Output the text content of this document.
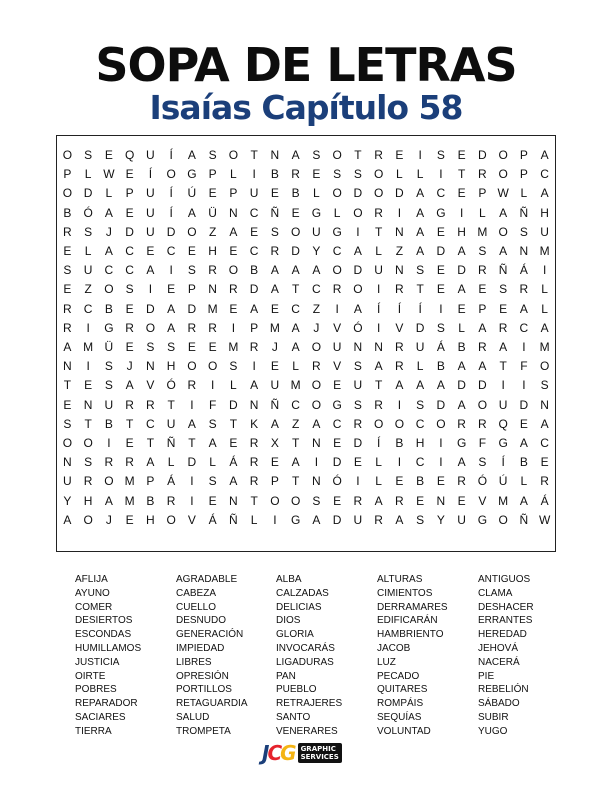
SOPA DE LETRAS
Isaías Capítulo 58
O	S	E	Q U	Í	A	S	O	T	N	A	S	O	T	R	E	I	S	E	D O	P	A
P	L W E	Í	O G	P	L	I	B	R	E	S	S	O	L	L	I	T	R O	P	C
O D	L	P	U	Í	Ú	E	P	U	E	B	L	O D O D	A	C	E	P W L	A
B	Ó	A	E	U	Í	A	Ü	N	C	Ñ	E	G	L	O R	I	A	G	I	L	A	Ñ	H
R	S	J	D	U	D O	Z	A	E	S	O U G	I	T	N	A	E	H M O	S	U
E	L	A	C	E	C	E	H	E	C	R	D	Y	C	A	L	Z	A	D	A	S	A	N M
S	U	C	C	A	I	S	R O	B	A	A	A	O D	U	N	S	E	D	R	Ñ	Á	I
E	Z	O	S	I	E	P	N	R	D	A	T	C	R O	I	R	T	E	A	E	S	R	L
R	C	B	E	D	A	D M E	A	E	C	Z	I	A	Í	Í	Í	I	E	P	E	A	L
R	I	G R O	A	R	R	I	P M A	J	V	Ó	I	V	D	S	L	A	R	C	A
A M Ü	E	S	S	E	E M R	J	A	O U	N	N	R	U	Á	B	R	A	I	M
N	I	S	J	N	H O O	S	I	E	L	R	V	S	A	R	L	B	A	A	T	F	O
T	E	S	A	V	Ó R	I	L	A	U M O	E	U	T	A	A	A	D	D	I	I	S
E	N	U	R	R	T	I	F	D	N	Ñ	C O G	S	R	I	S	D	A	O U	D	N
S	T	B	T	C	U	A	S	T	K	A	Z	A	C	R O O C O R	R Q	E	A
O O	I	E	T	Ñ	T	A	E	R	X	T	N	E	D	Í	B	H	I	G	F	G	A	C
N	S	R	R	A	L	D	L	Á	R	E	A	I	D	E	L	I	C	I	A	S	Í	B	E
U	R O M P	Á	I	S	A	R	P	T	N Ó	I	L	E	B	E	R Ó Ú	L	R
Y	H	A M B	R	I	E	N	T	O O	S	E	R	A	R	E	N	E	V M A	Á
A	O	J	E	H O	V	Á	Ñ	L	I	G	A	D	U	R	A	S	Y	U G O Ñ W
AFLIJA
AYUNO
COMER
DESIERTOS
ESCONDAS
HUMILLAMOS
JUSTICIA
OIRTE
POBRES
REPARADOR
SACIARES
TIERRA
AGRADABLE
CABEZA
CUELLO
DESNUDO
GENERACIÓN
IMPIEDAD
LIBRES
OPRESIÓN
PORTILLOS
RETAGUARDIA
SALUD
TROMPETA
ALBA
CALZADAS
DELICIAS
DIOS
GLORIA
INVOCARÁS
LIGADURAS
PAN
PUEBLO
RETRAJERES
SANTO
VENERARES
ALTURAS
CIMIENTOS
DERRAMARES
EDIFICARÁN
HAMBRIENTO
JACOB
LUZ
PECADO
QUITARES
ROMPÁIS
SEQUÍAS
VOLUNTAD
ANTIGUOS
CLAMA
DESHACER
ERRANTES
HEREDAD
JEHOVÁ
NACERÁ
PIE
REBELIÓN
SÁBADO
SUBIR
YUGO
JCG GRAPHIC
SERVICES
